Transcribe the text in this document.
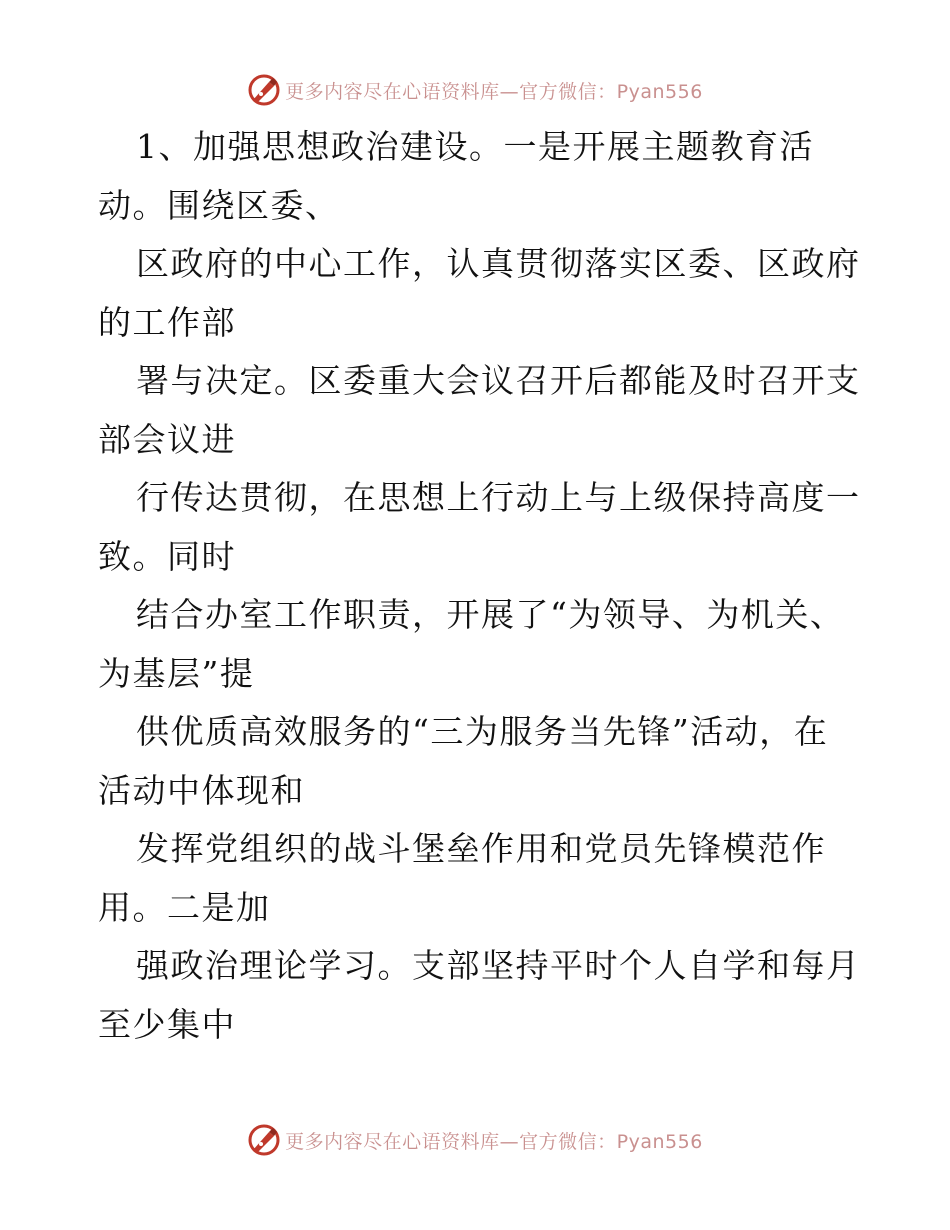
更多内容尽在心语资料库—官方微信：Pyan556
1、加强思想政治建设。一是开展主题教育活
动。围绕区委、
区政府的中心工作，认真贯彻落实区委、区政府
的工作部
署与决定。区委重大会议召开后都能及时召开支
部会议进
行传达贯彻，在思想上行动上与上级保持高度一
致。同时
结合办室工作职责，开展了“为领导、为机关、
为基层”提
供优质高效服务的“三为服务当先锋”活动，在
活动中体现和
发挥党组织的战斗堡垒作用和党员先锋模范作
用。二是加
强政治理论学习。支部坚持平时个人自学和每月
至少集中
更多内容尽在心语资料库—官方微信：Pyan556
